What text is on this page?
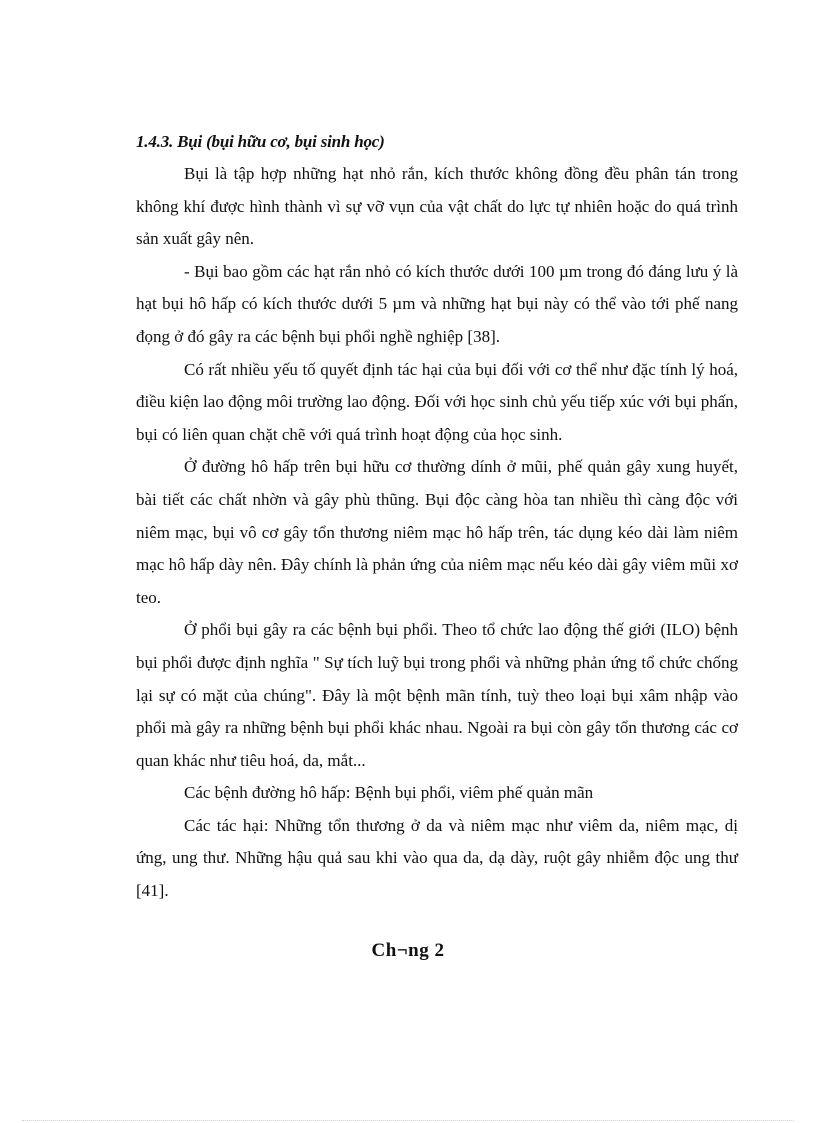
1.4.3. Bụi (bụi hữu cơ, bụi sinh học)

Bụi là tập hợp những hạt nhỏ rắn, kích thước không đồng đều phân tán trong không khí được hình thành vì sự vỡ vụn của vật chất do lực tự nhiên hoặc do quá trình sản xuất gây nên.

- Bụi bao gồm các hạt rắn nhỏ có kích thước dưới 100 µm trong đó đáng lưu ý là hạt bụi hô hấp có kích thước dưới 5 µm và những hạt bụi này có thể vào tới phế nang đọng ở đó gây ra các bệnh bụi phổi nghề nghiệp [38].

Có rất nhiều yếu tố quyết định tác hại của bụi đối với cơ thể như đặc tính lý hoá, điều kiện lao động môi trường lao động. Đối với học sinh chủ yếu tiếp xúc với bụi phấn, bụi có liên quan chặt chẽ với quá trình hoạt động của học sinh.

Ở đường hô hấp trên bụi hữu cơ thường dính ở mũi, phế quản gây xung huyết, bài tiết các chất nhờn và gây phù thũng. Bụi độc càng hòa tan nhiều thì càng độc với niêm mạc, bụi vô cơ gây tổn thương niêm mạc hô hấp trên, tác dụng kéo dài làm niêm mạc hô hấp dày nên. Đây chính là phản ứng của niêm mạc nếu kéo dài gây viêm mũi xơ teo.

Ở phổi bụi gây ra các bệnh bụi phổi. Theo tổ chức lao động thế giới (ILO) bệnh bụi phổi được định nghĩa " Sự tích luỹ bụi trong phổi và những phản ứng tổ chức chống lại sự có mặt của chúng". Đây là một bệnh mãn tính, tuỳ theo loại bụi xâm nhập vào phổi mà gây ra những bệnh bụi phổi khác nhau. Ngoài ra bụi còn gây tổn thương các cơ quan khác như tiêu hoá, da, mắt...

Các bệnh đường hô hấp: Bệnh bụi phổi, viêm phế quản mãn

Các tác hại: Những tổn thương ở da và niêm mạc như viêm da, niêm mạc, dị ứng, ung thư. Những hậu quả sau khi vào qua da, dạ dày, ruột gây nhiễm độc ung thư [41].

Ch¬ng 2
